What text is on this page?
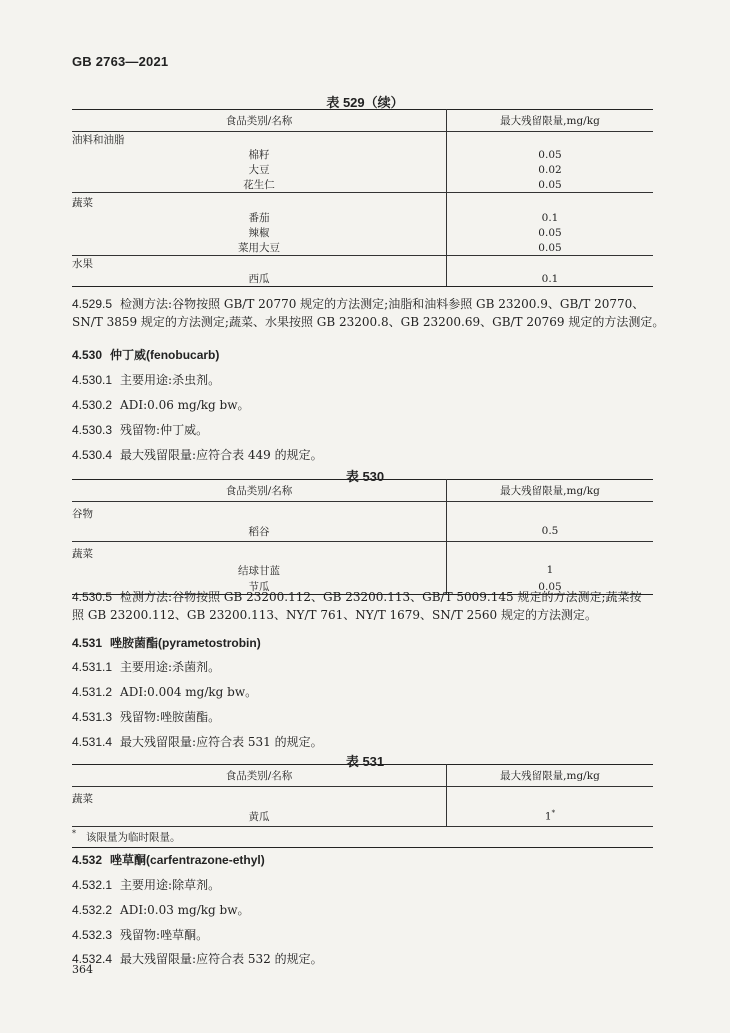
GB 2763—2021
表 529（续）
食品类别/名称	最大残留限量,mg/kg
油料和油脂	
棉籽	0.05
大豆	0.02
花生仁	0.05
蔬菜	
番茄	0.1
辣椒	0.05
菜用大豆	0.05
水果	
西瓜	0.1
4.529.5 检测方法:谷物按照 GB/T 20770 规定的方法测定;油脂和油料参照 GB 23200.9、GB/T 20770、
SN/T 3859 规定的方法测定;蔬菜、水果按照 GB 23200.8、GB 23200.69、GB/T 20769 规定的方法测定。
4.530 仲丁威(fenobucarb)
4.530.1 主要用途:杀虫剂。
4.530.2 ADI:0.06 mg/kg bw。
4.530.3 残留物:仲丁威。
4.530.4 最大残留限量:应符合表 449 的规定。
表 530
食品类别/名称	最大残留限量,mg/kg
谷物	
稻谷	0.5
蔬菜	
结球甘蓝	1
节瓜	0.05
4.530.5 检测方法:谷物按照 GB 23200.112、GB 23200.113、GB/T 5009.145 规定的方法测定;蔬菜按
照 GB 23200.112、GB 23200.113、NY/T 761、NY/T 1679、SN/T 2560 规定的方法测定。
4.531 唑胺菌酯(pyrametostrobin)
4.531.1 主要用途:杀菌剂。
4.531.2 ADI:0.004 mg/kg bw。
4.531.3 残留物:唑胺菌酯。
4.531.4 最大残留限量:应符合表 531 的规定。
表 531
食品类别/名称	最大残留限量,mg/kg
蔬菜	
黄瓜	1*
* 该限量为临时限量。	
4.532 唑草酮(carfentrazone-ethyl)
4.532.1 主要用途:除草剂。
4.532.2 ADI:0.03 mg/kg bw。
4.532.3 残留物:唑草酮。
4.532.4 最大残留限量:应符合表 532 的规定。
364
